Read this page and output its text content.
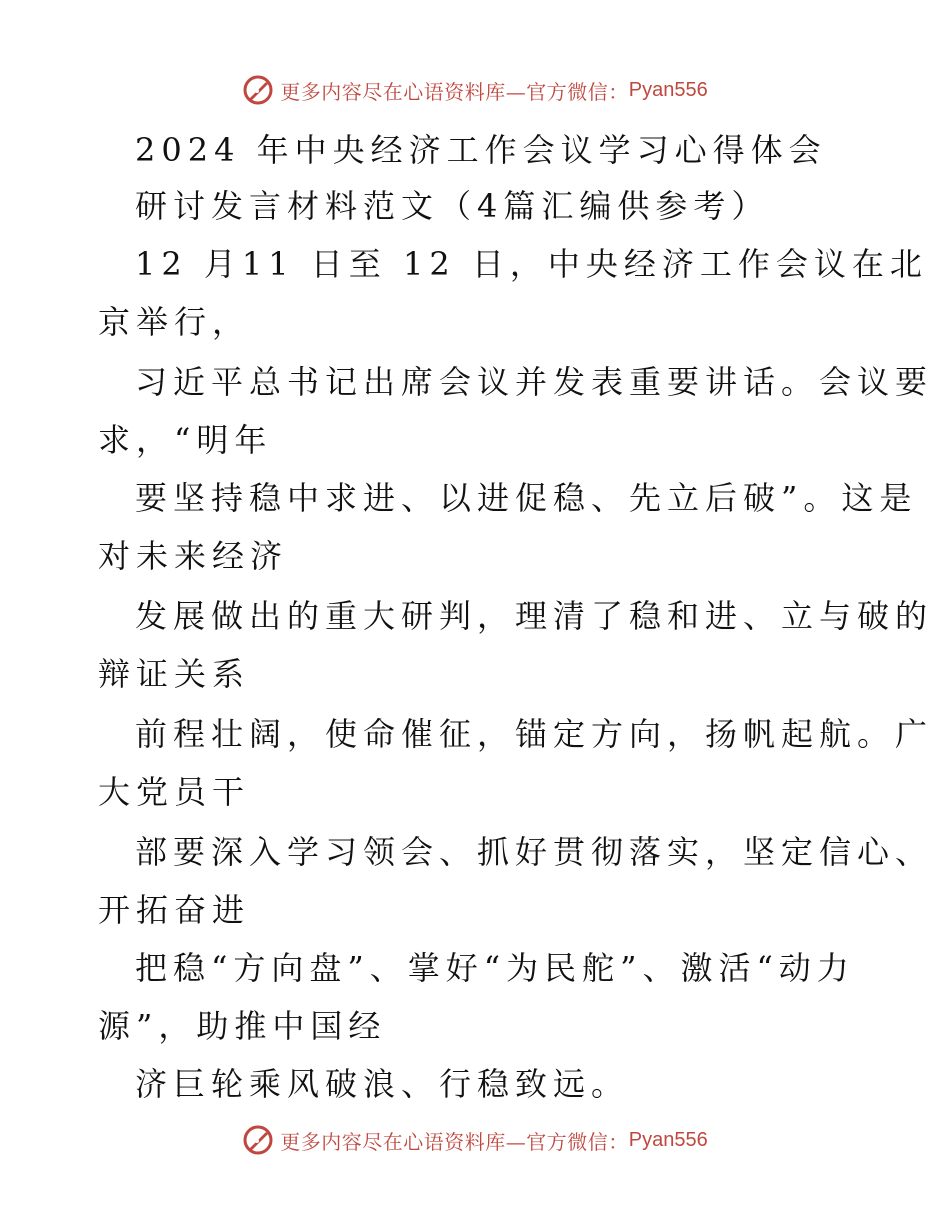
更多内容尽在心语资料库—官方微信： Pyan556
2024 年中央经济工作会议学习心得体会
研讨发言材料范文（4篇汇编供参考）
12 月11 日至 12 日，中央经济工作会议在北
京举行，
习近平总书记出席会议并发表重要讲话。会议要
求，“明年
要坚持稳中求进、以进促稳、先立后破”。这是
对未来经济
发展做出的重大研判，理清了稳和进、立与破的
辩证关系
前程壮阔，使命催征，锚定方向，扬帆起航。广
大党员干
部要深入学习领会、抓好贯彻落实，坚定信心、
开拓奋进
把稳“方向盘”、掌好“为民舵”、激活“动力
源”，助推中国经
济巨轮乘风破浪、行稳致远。
更多内容尽在心语资料库—官方微信： Pyan556
